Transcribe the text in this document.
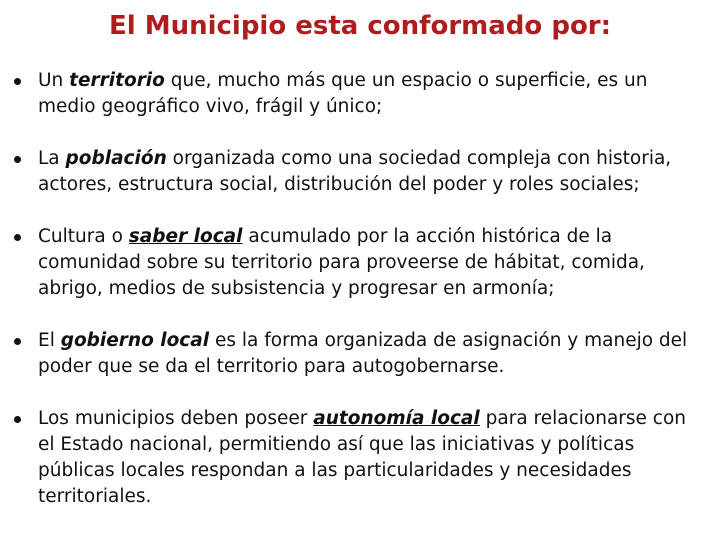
El Municipio esta conformado por:
Un territorio que, mucho más que un espacio o superficie, es un medio geográfico vivo, frágil y único;
La población organizada como una sociedad compleja con historia, actores, estructura social, distribución del poder y roles sociales;
Cultura o saber local acumulado por la acción histórica de la comunidad sobre su territorio para proveerse de hábitat, comida, abrigo, medios de subsistencia y progresar en armonía;
El gobierno local es la forma organizada de asignación y manejo del poder que se da el territorio para autogobernarse.
Los municipios deben poseer autonomía local para relacionarse con el Estado nacional, permitiendo así que las iniciativas y políticas públicas locales respondan a las particularidades y necesidades territoriales.
